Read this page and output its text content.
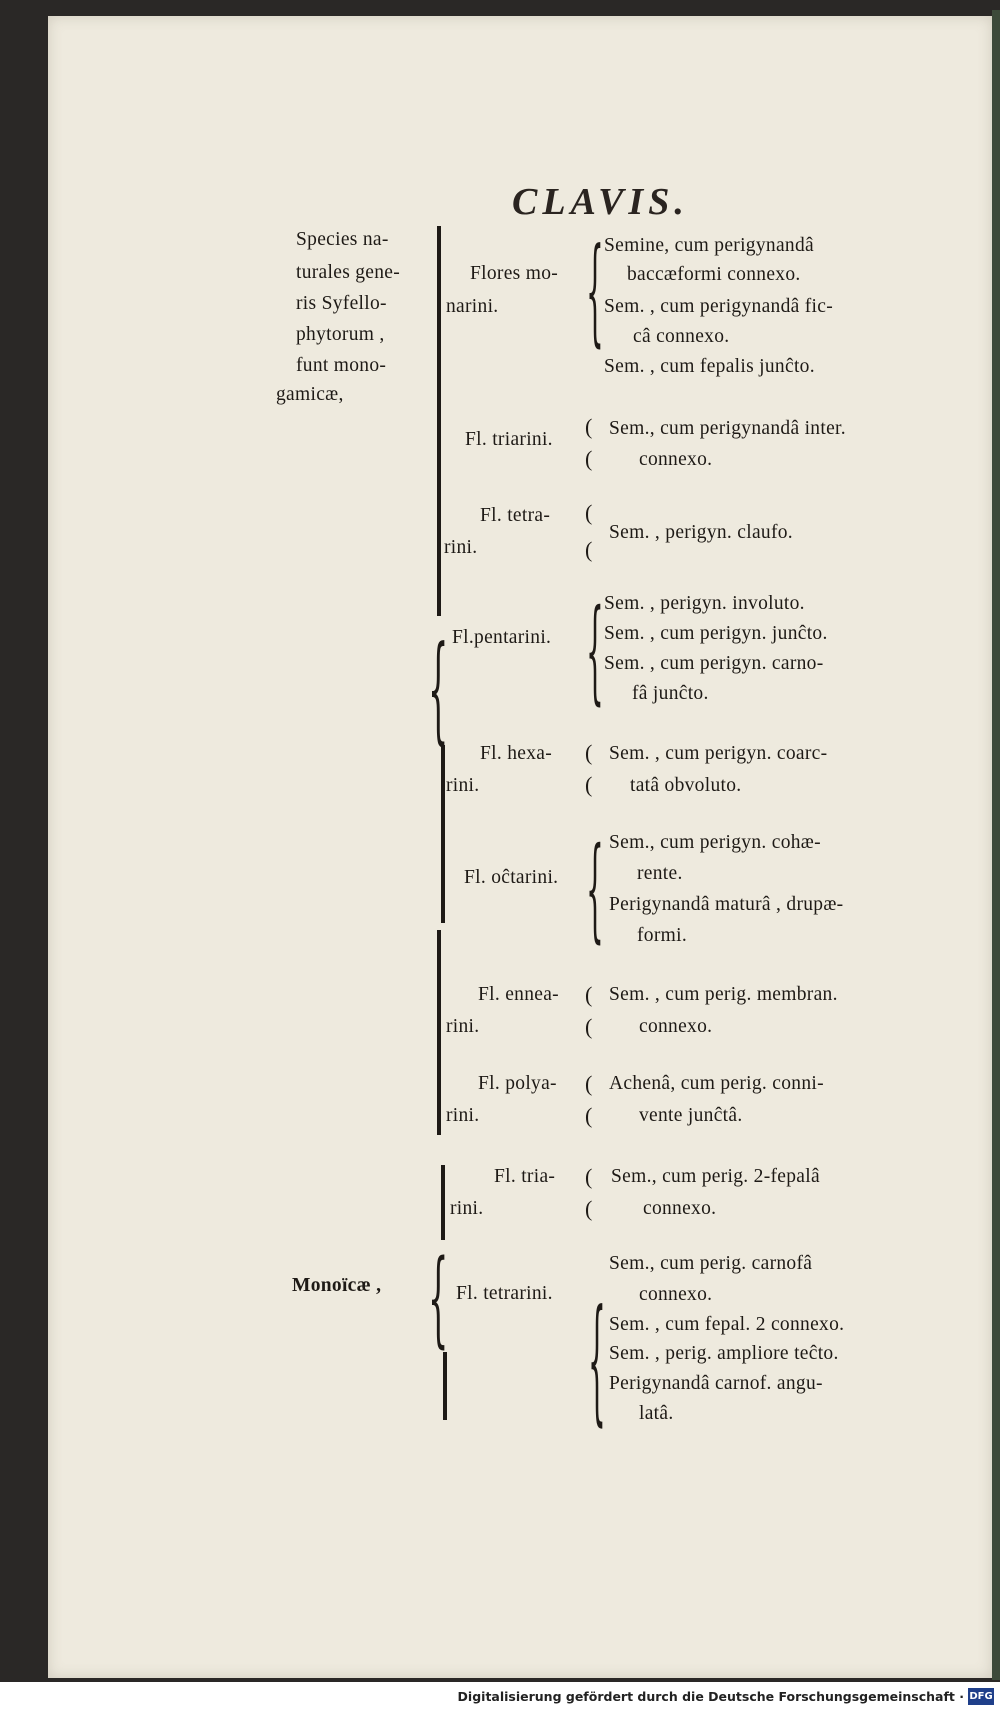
CLAVIS.
Species na-
turales gene-
ris Syfello-
phytorum ,
funt mono-
gamicæ,
Monoïcæ ,
{
{
Flores mo-
narini. { Semine, cum perigynandâ
baccæformi connexo.
Sem. , cum perigynandâ fic-
câ connexo.
Sem. , cum fepalis junĉto.
Fl. triarini.
(
(
Sem., cum perigynandâ inter.
connexo.
Fl. tetra-
rini.
(
(
Sem. , perigyn. claufo.
Fl.pentarini. { Sem. , perigyn. involuto.
Sem. , cum perigyn. junĉto.
Sem. , cum perigyn. carno-
fâ junĉto.
Fl. hexa-
rini.
(
(
Sem. , cum perigyn. coarc-
tatâ obvoluto.
Fl. oĉtarini. { Sem., cum perigyn. cohæ-
rente.
Perigynandâ maturâ , drupæ-
formi.
Fl. ennea-
rini.
(
(
Sem. , cum perig. membran.
connexo.
Fl. polya-
rini.
(
(
Achenâ, cum perig. conni-
vente junĉtâ.
Fl. tria-
rini.
(
(
Sem., cum perig. 2-fepalâ
connexo.
Fl. tetrarini. {
Sem., cum perig. carnofâ
connexo.
Sem. , cum fepal. 2 connexo.
Sem. , perig. ampliore teĉto.
Perigynandâ carnof. angu-
latâ.
Digitalisierung gefördert durch die Deutsche Forschungsgemeinschaft · DFG
